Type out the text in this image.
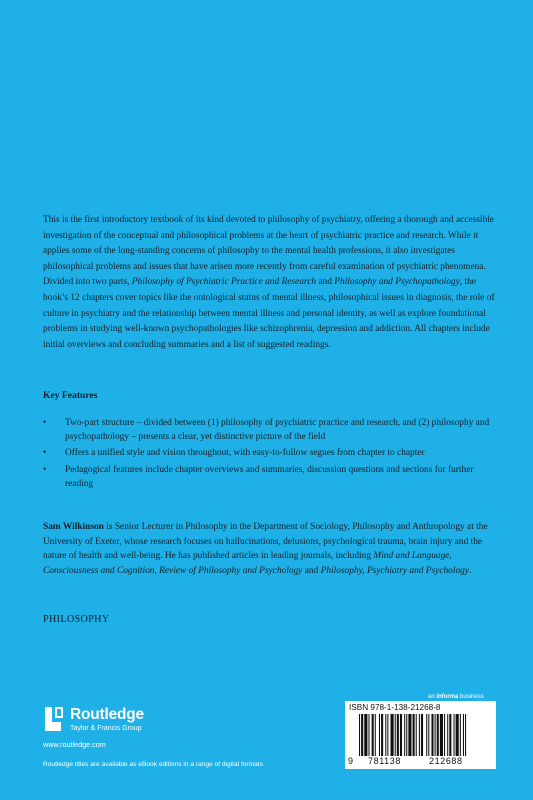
This is the first introductory textbook of its kind devoted to philosophy of psychiatry, offering a thorough and accessible investigation of the conceptual and philosophical problems at the heart of psychiatric practice and research. While it applies some of the long-standing concerns of philosophy to the mental health professions, it also investigates philosophical problems and issues that have arisen more recently from careful examination of psychiatric phenomena. Divided into two parts, Philosophy of Psychiatric Practice and Research and Philosophy and Psychopathology, the book’s 12 chapters cover topics like the ontological status of mental illness, philosophical issues in diagnosis, the role of culture in psychiatry and the relationship between mental illness and personal identity, as well as explore foundational problems in studying well-known psychopathologies like schizophrenia, depression and addiction. All chapters include initial overviews and concluding summaries and a list of suggested readings.

Key Features
• Two-part structure – divided between (1) philosophy of psychiatric practice and research, and (2) philosophy and psychopathology – presents a clear, yet distinctive picture of the field
• Offers a unified style and vision throughout, with easy-to-follow segues from chapter to chapter
• Pedagogical features include chapter overviews and summaries, discussion questions and sections for further reading

Sam Wilkinson is Senior Lecturer in Philosophy in the Department of Sociology, Philosophy and Anthropology at the University of Exeter, whose research focuses on hallucinations, delusions, psychological trauma, brain injury and the nature of health and well-being. He has published articles in leading journals, including Mind and Language, Consciousness and Cognition, Review of Philosophy and Psychology and Philosophy, Psychiatry and Psychology.

PHILOSOPHY

Routledge
Taylor & Francis Group
www.routledge.com
Routledge titles are available as eBook editions in a range of digital formats
an informa business
ISBN 978-1-138-21268-8
9 781138	212688
